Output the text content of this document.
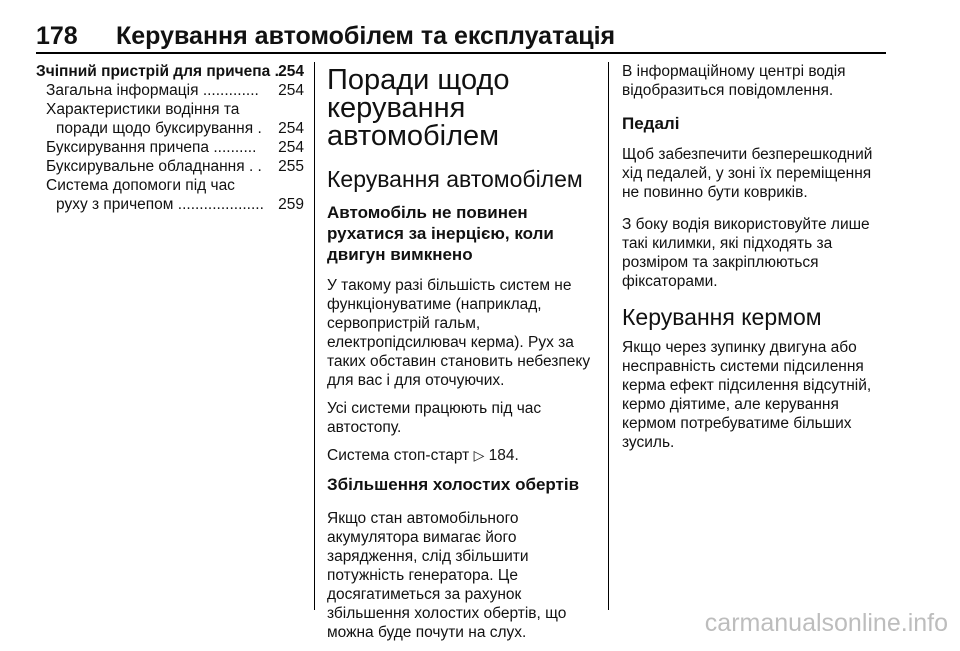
178 Керування автомобілем та експлуатація
Зчіпний пристрій для причепа . 254
Загальна інформація ............. 254
Характеристики водіння та
поради щодо буксирування . 254
Буксирування причепа .......... 254
Буксирувальне обладнання . . 255
Система допомоги під час
руху з причепом .................... 259
Поради щодо керування автомобілем
Керування автомобілем
Автомобіль не повинен рухатися за інерцією, коли двигун вимкнено
У такому разі більшість систем не функціонуватиме (наприклад, сервопристрій гальм, електропідсилювач керма). Рух за таких обставин становить небезпеку для вас і для оточуючих.
Усі системи працюють під час автостопу.
Система стоп-старт ▷ 184.
Збільшення холостих обертів
Якщо стан автомобільного акумулятора вимагає його зарядження, слід збільшити потужність генератора. Це досягатиметься за рахунок збільшення холостих обертів, що можна буде почути на слух.
В інформаційному центрі водія відобразиться повідомлення.
Педалі
Щоб забезпечити безперешкодний хід педалей, у зоні їх переміщення не повинно бути ковриків.
З боку водія використовуйте лише такі килимки, які підходять за розміром та закріплюються фіксаторами.
Керування кермом
Якщо через зупинку двигуна або несправність системи підсилення керма ефект підсилення відсутній, кермо діятиме, але керування кермом потребуватиме більших зусиль.
carmanualsonline.info
